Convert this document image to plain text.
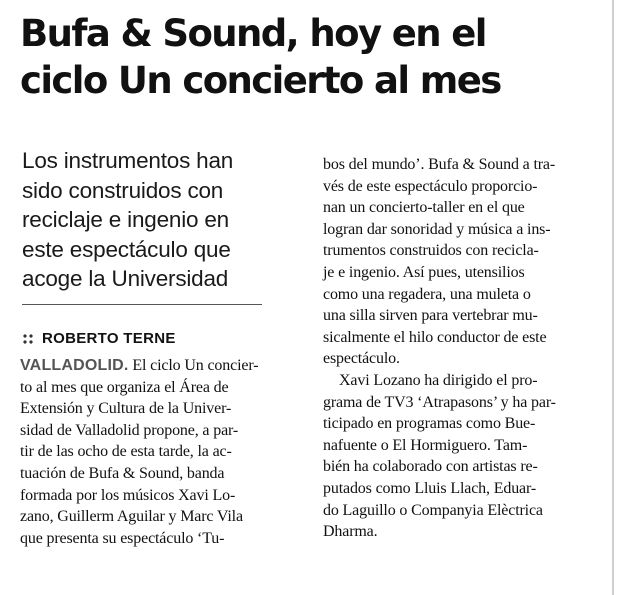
Bufa & Sound, hoy en el
ciclo Un concierto al mes
Los instrumentos han
sido construidos con
reciclaje e ingenio en
este espectáculo que
acoge la Universidad
ROBERTO TERNE
VALLADOLID. El ciclo Un concier-
to al mes que organiza el Área de
Extensión y Cultura de la Univer-
sidad de Valladolid propone, a par-
tir de las ocho de esta tarde, la ac-
tuación de Bufa & Sound, banda
formada por los músicos Xavi Lo-
zano, Guillerm Aguilar y Marc Vila
que presenta su espectáculo ‘Tu-
bos del mundo’. Bufa & Sound a tra-
vés de este espectáculo proporcio-
nan un concierto-taller en el que
logran dar sonoridad y música a ins-
trumentos construidos con recicla-
je e ingenio. Así pues, utensilios
como una regadera, una muleta o
una silla sirven para vertebrar mu-
sicalmente el hilo conductor de este
espectáculo.
Xavi Lozano ha dirigido el pro-
grama de TV3 ‘Atrapasons’ y ha par-
ticipado en programas como Bue-
nafuente o El Hormiguero. Tam-
bién ha colaborado con artistas re-
putados como Lluis Llach, Eduar-
do Laguillo o Companyia Elèctrica
Dharma.
